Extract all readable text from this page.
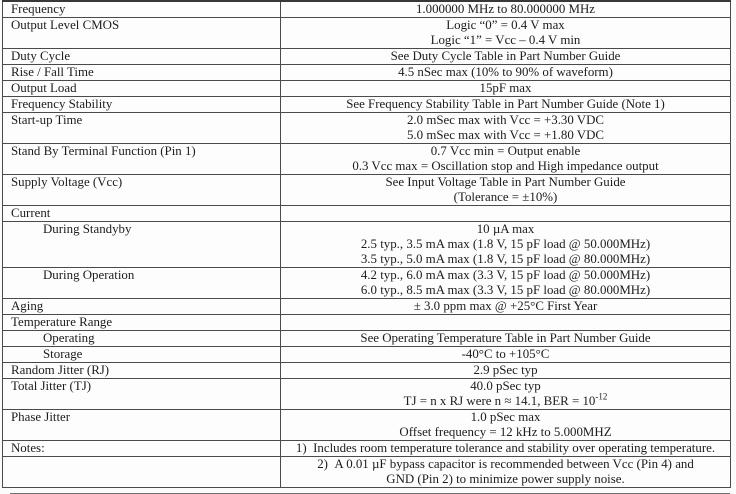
Frequency	1.000000 MHz to 80.000000 MHz

Output Level CMOS	Logic “0” = 0.4 V max
Logic “1” = Vcc – 0.4 V min

Duty Cycle	See Duty Cycle Table in Part Number Guide

Rise / Fall Time	4.5 nSec max (10% to 90% of waveform)

Output Load	15pF max

Frequency Stability	See Frequency Stability Table in Part Number Guide (Note 1)

Start-up Time	2.0 mSec max with Vcc = +3.30 VDC
5.0 mSec max with Vcc = +1.80 VDC

Stand By Terminal Function (Pin 1)	0.7 Vcc min = Output enable
0.3 Vcc max = Oscillation stop and High impedance output

Supply Voltage (Vcc)	See Input Voltage Table in Part Number Guide
(Tolerance = ±10%)

Current	
During Standyby	10 µA max
2.5 typ., 3.5 mA max (1.8 V, 15 pF load @ 50.000MHz)
3.5 typ., 5.0 mA max (1.8 V, 15 pF load @ 80.000MHz)

During Operation	4.2 typ., 6.0 mA max (3.3 V, 15 pF load @ 50.000MHz)
6.0 typ., 8.5 mA max (3.3 V, 15 pF load @ 80.000MHz)

Aging	± 3.0 ppm max @ +25°C First Year

Temperature Range	
Operating	See Operating Temperature Table in Part Number Guide

Storage	-40°C to +105°C

Random Jitter (RJ)	2.9 pSec typ

Total Jitter (TJ)	40.0 pSec typ
TJ = n x RJ were n ≈ 14.1, BER = $10^{-12}$

Phase Jitter	1.0 pSec max
Offset frequency = 12 kHz to 5.000MHZ

Notes:	1) Includes room temperature tolerance and stability over operating temperature.

	2) A 0.01 µF bypass capacitor is recommended between Vcc (Pin 4) and
GND (Pin 2) to minimize power supply noise.
